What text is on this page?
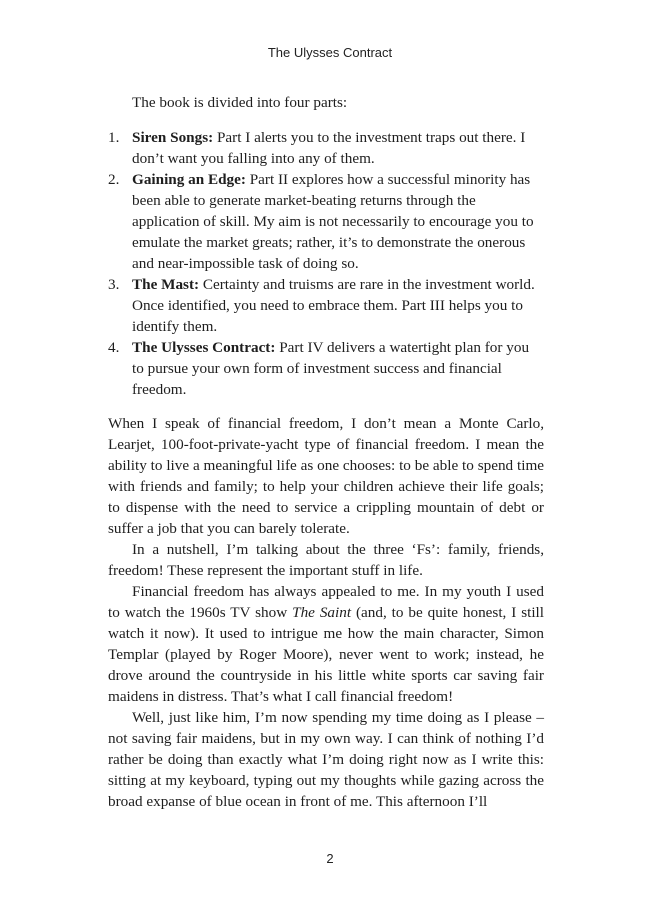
The Ulysses Contract

The book is divided into four parts:

1. Siren Songs: Part I alerts you to the investment traps out there. I don’t want you falling into any of them.
2. Gaining an Edge: Part II explores how a successful minority has been able to generate market-beating returns through the application of skill. My aim is not necessarily to encourage you to emulate the market greats; rather, it’s to demonstrate the onerous and near-impossible task of doing so.
3. The Mast: Certainty and truisms are rare in the investment world. Once identified, you need to embrace them. Part III helps you to identify them.
4. The Ulysses Contract: Part IV delivers a watertight plan for you to pursue your own form of investment success and financial freedom.

When I speak of financial freedom, I don’t mean a Monte Carlo, Learjet, 100-foot-private-yacht type of financial freedom. I mean the ability to live a meaningful life as one chooses: to be able to spend time with friends and family; to help your children achieve their life goals; to dispense with the need to service a crippling mountain of debt or suffer a job that you can barely tolerate.

In a nutshell, I’m talking about the three ‘Fs’: family, friends, freedom! These represent the important stuff in life.

Financial freedom has always appealed to me. In my youth I used to watch the 1960s TV show The Saint (and, to be quite honest, I still watch it now). It used to intrigue me how the main character, Simon Templar (played by Roger Moore), never went to work; instead, he drove around the countryside in his little white sports car saving fair maidens in distress. That’s what I call financial freedom!

Well, just like him, I’m now spending my time doing as I please – not saving fair maidens, but in my own way. I can think of nothing I’d rather be doing than exactly what I’m doing right now as I write this: sitting at my keyboard, typing out my thoughts while gazing across the broad expanse of blue ocean in front of me. This afternoon I’ll

2
